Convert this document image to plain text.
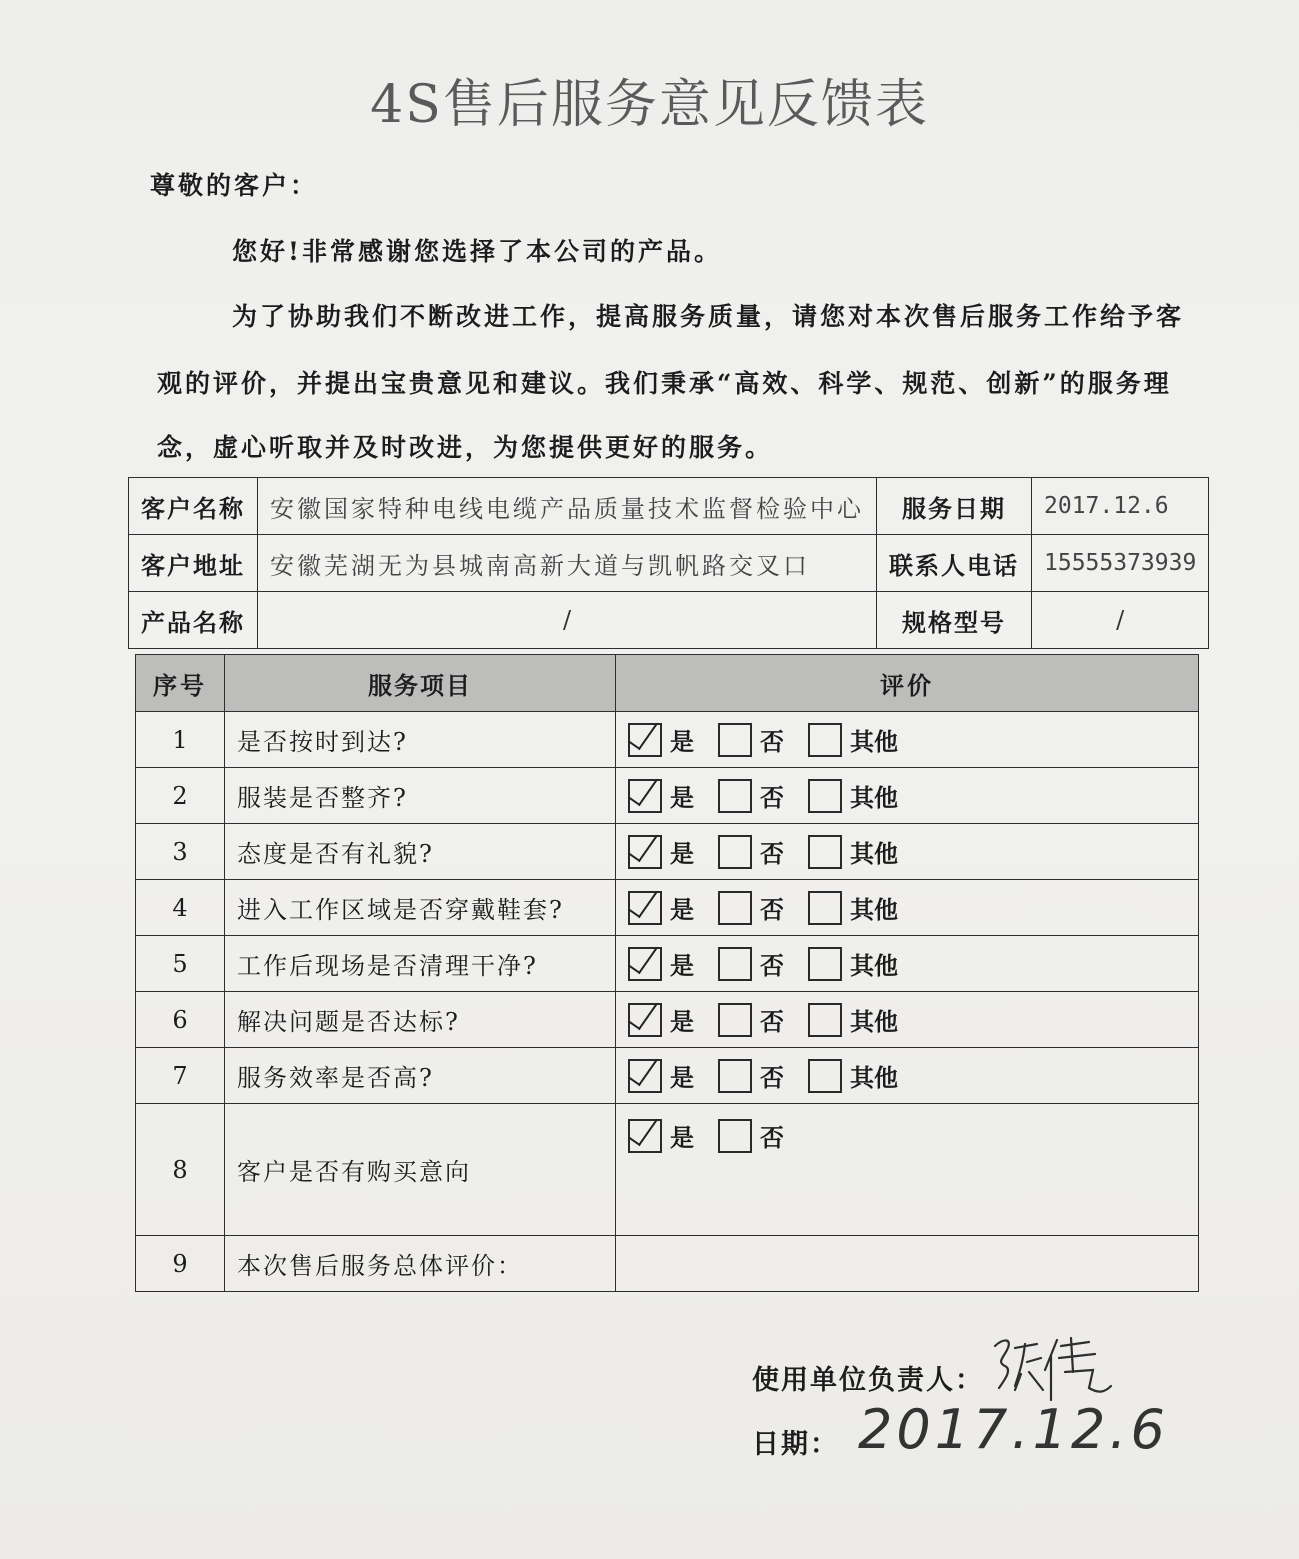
4S售后服务意见反馈表
尊敬的客户：
您好!非常感谢您选择了本公司的产品。
为了协助我们不断改进工作，提高服务质量，请您对本次售后服务工作给予客
观的评价，并提出宝贵意见和建议。我们秉承“高效、科学、规范、创新”的服务理
念，虚心听取并及时改进，为您提供更好的服务。
客户名称	安徽国家特种电线电缆产品质量技术监督检验中心	服务日期	2017.12.6
客户地址	安徽芜湖无为县城南高新大道与凯帆路交叉口	联系人电话	15555373939
产品名称	/	规格型号	/
序号	服务项目	评价
1	是否按时到达?	是 否 其他

2	服装是否整齐?	是 否 其他

3	态度是否有礼貌?	是 否 其他

4	进入工作区域是否穿戴鞋套?	是 否 其他

5	工作后现场是否清理干净?	是 否 其他

6	解决问题是否达标?	是 否 其他

7	服务效率是否高?	是 否 其他

8	客户是否有购买意向	是 否

9	本次售后服务总体评价：	
使用单位负责人：
日期： 2017.12.6
